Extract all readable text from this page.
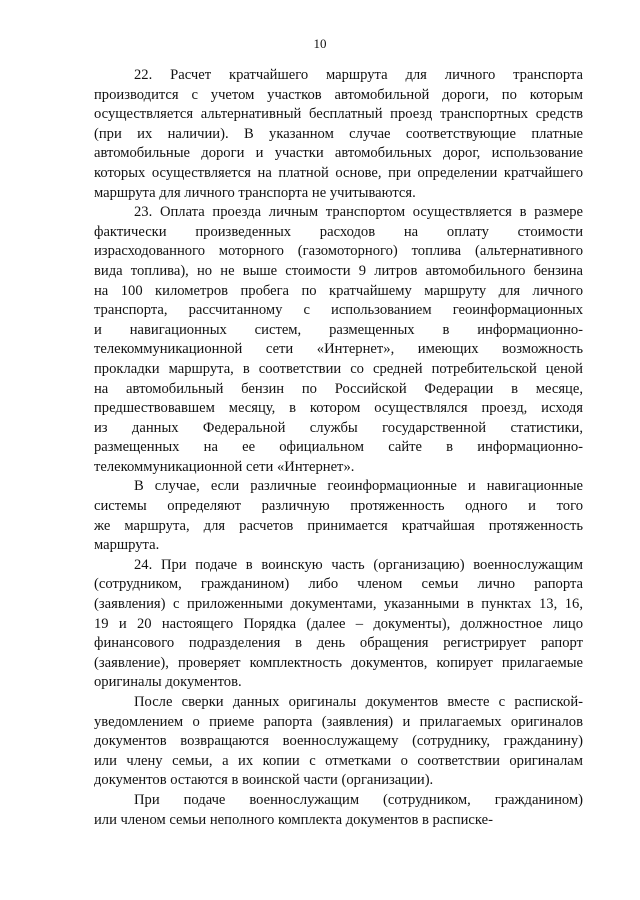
10
22. Расчет кратчайшего маршрута для личного транспорта
производится с учетом участков автомобильной дороги, по которым
осуществляется альтернативный бесплатный проезд транспортных средств
(при их наличии). В указанном случае соответствующие платные
автомобильные дороги и участки автомобильных дорог, использование
которых осуществляется на платной основе, при определении кратчайшего
маршрута для личного транспорта не учитываются.
23. Оплата проезда личным транспортом осуществляется в размере
фактически произведенных расходов на оплату стоимости
израсходованного моторного (газомоторного) топлива (альтернативного
вида топлива), но не выше стоимости 9 литров автомобильного бензина
на 100 километров пробега по кратчайшему маршруту для личного
транспорта, рассчитанному с использованием геоинформационных
и навигационных систем, размещенных в информационно-
телекоммуникационной сети «Интернет», имеющих возможность
прокладки маршрута, в соответствии со средней потребительской ценой
на автомобильный бензин по Российской Федерации в месяце,
предшествовавшем месяцу, в котором осуществлялся проезд, исходя
из данных Федеральной службы государственной статистики,
размещенных на ее официальном сайте в информационно-
телекоммуникационной сети «Интернет».
В случае, если различные геоинформационные и навигационные
системы определяют различную протяженность одного и того
же маршрута, для расчетов принимается кратчайшая протяженность
маршрута.
24. При подаче в воинскую часть (организацию) военнослужащим
(сотрудником, гражданином) либо членом семьи лично рапорта
(заявления) с приложенными документами, указанными в пунктах 13, 16,
19 и 20 настоящего Порядка (далее – документы), должностное лицо
финансового подразделения в день обращения регистрирует рапорт
(заявление), проверяет комплектность документов, копирует прилагаемые
оригиналы документов.
После сверки данных оригиналы документов вместе с распиской-
уведомлением о приеме рапорта (заявления) и прилагаемых оригиналов
документов возвращаются военнослужащему (сотруднику, гражданину)
или члену семьи, а их копии с отметками о соответствии оригиналам
документов остаются в воинской части (организации).
При подаче военнослужащим (сотрудником, гражданином)
или членом семьи неполного комплекта документов в расписке-
